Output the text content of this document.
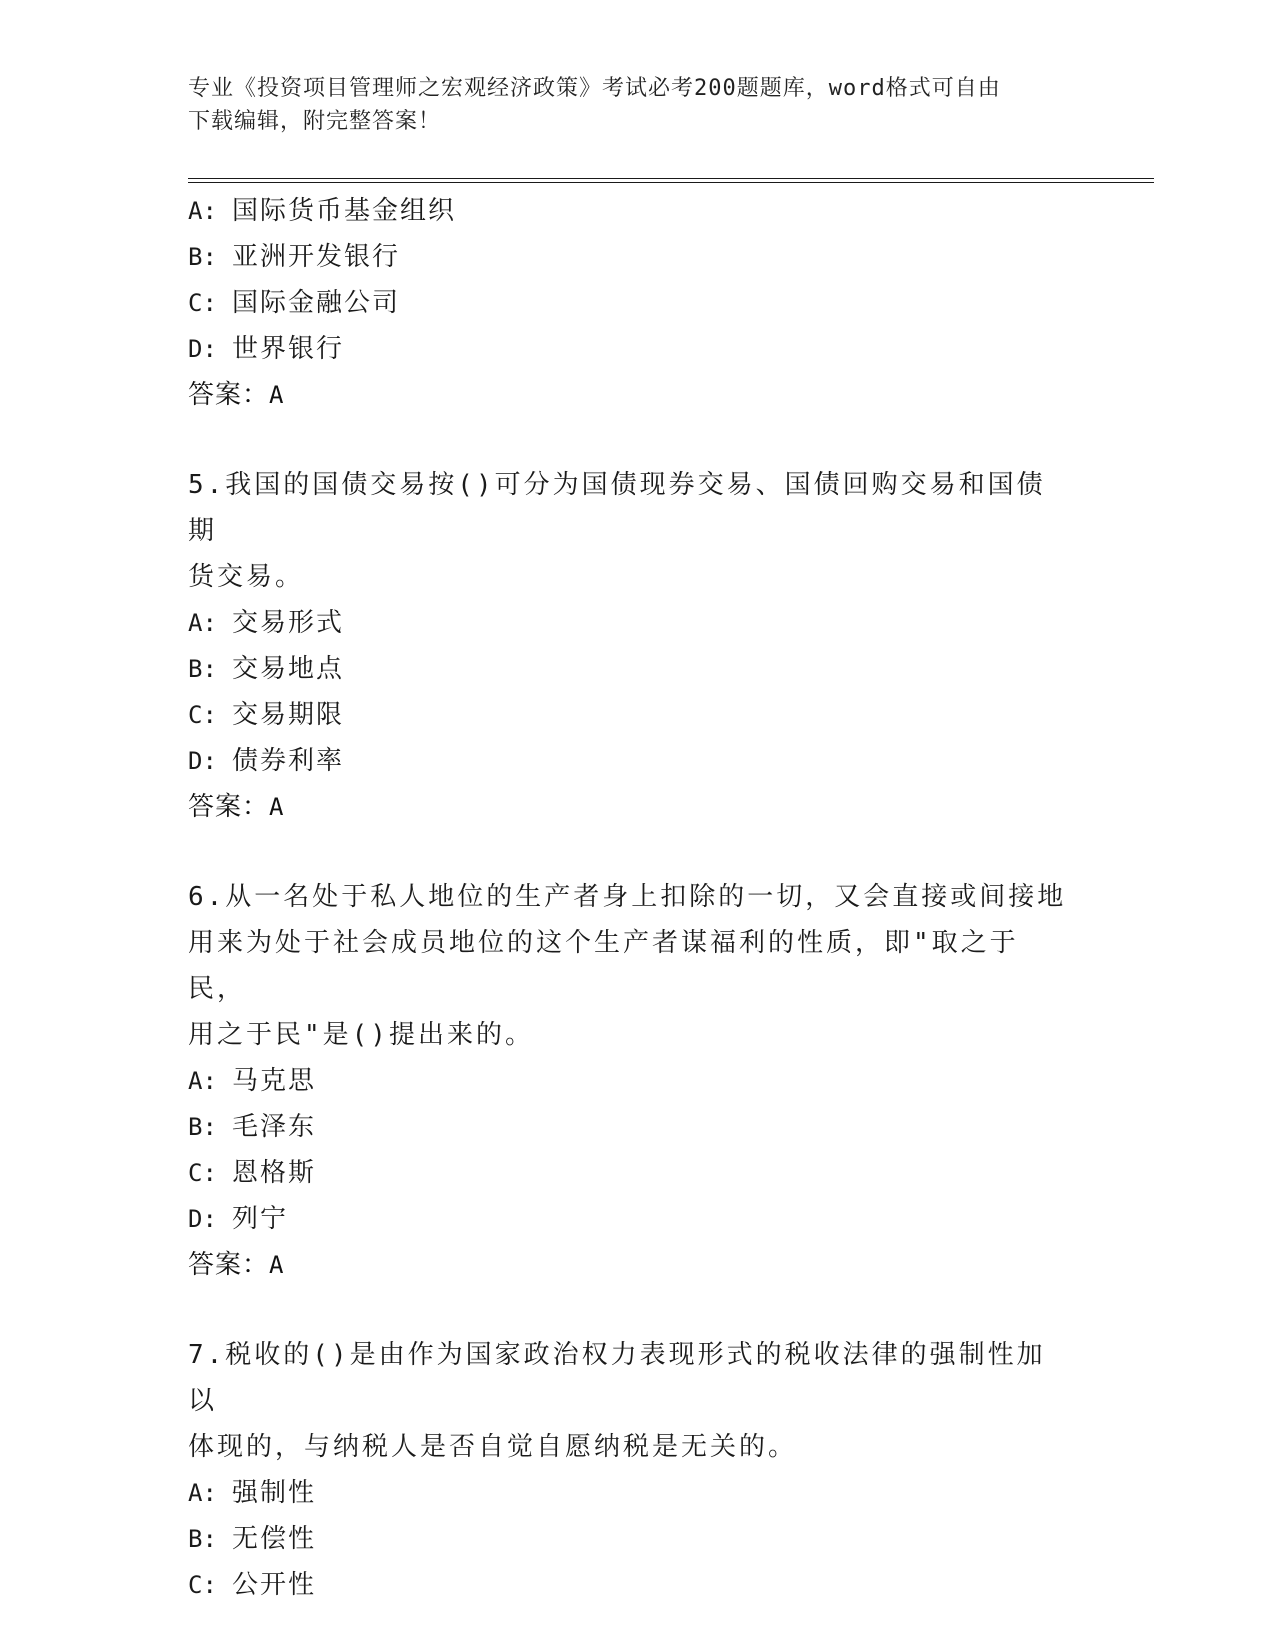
专业《投资项目管理师之宏观经济政策》考试必考200题题库，word格式可自由
下载编辑，附完整答案！
A: 国际货币基金组织
B: 亚洲开发银行
C: 国际金融公司
D: 世界银行
答案：A
5.我国的国债交易按()可分为国债现券交易、国债回购交易和国债期
货交易。
A: 交易形式
B: 交易地点
C: 交易期限
D: 债券利率
答案：A
6.从一名处于私人地位的生产者身上扣除的一切，又会直接或间接地
用来为处于社会成员地位的这个生产者谋福利的性质，即"取之于民，
用之于民"是()提出来的。
A: 马克思
B: 毛泽东
C: 恩格斯
D: 列宁
答案：A
7.税收的()是由作为国家政治权力表现形式的税收法律的强制性加以
体现的，与纳税人是否自觉自愿纳税是无关的。
A: 强制性
B: 无偿性
C: 公开性
